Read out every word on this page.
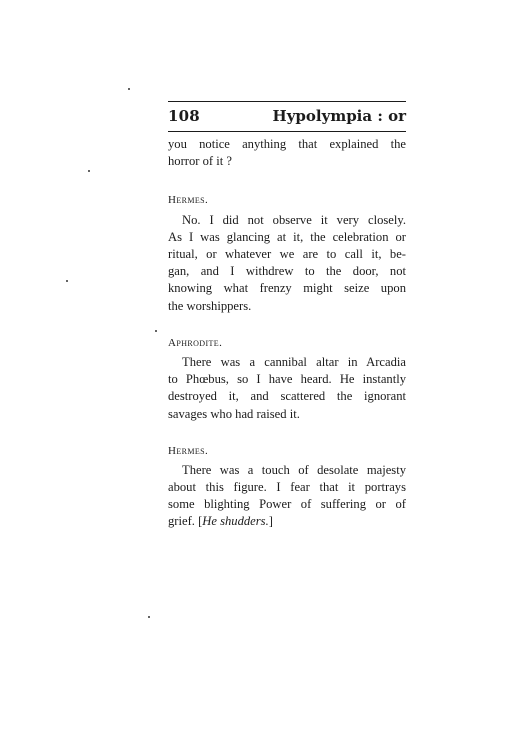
108	Hypolympia : or
you notice anything that explained the
horror of it ?
Hermes.
No. I did not observe it very closely.
As I was glancing at it, the celebration or
ritual, or whatever we are to call it, be-
gan, and I withdrew to the door, not
knowing what frenzy might seize upon
the worshippers.
Aphrodite.
There was a cannibal altar in Arcadia
to Phœbus, so I have heard. He instantly
destroyed it, and scattered the ignorant
savages who had raised it.
Hermes.
There was a touch of desolate majesty
about this figure. I fear that it portrays
some blighting Power of suffering or of
grief. [He shudders.]
